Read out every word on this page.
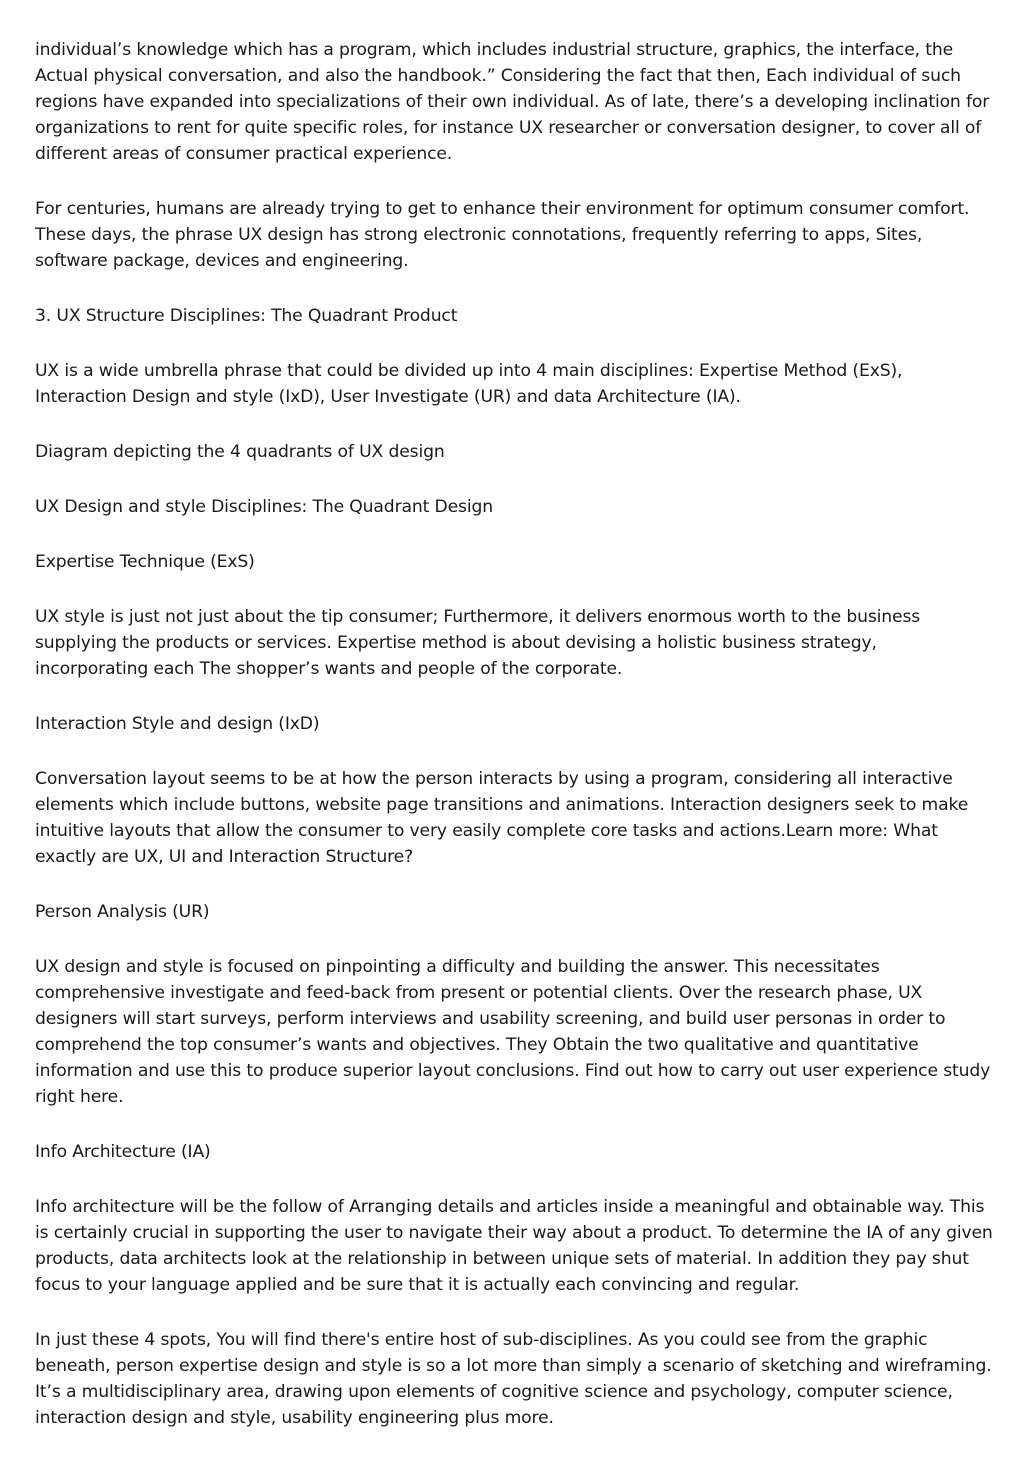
individual’s knowledge which has a program, which includes industrial structure, graphics, the interface, the Actual physical conversation, and also the handbook.” Considering the fact that then, Each individual of such regions have expanded into specializations of their own individual. As of late, there’s a developing inclination for organizations to rent for quite specific roles, for instance UX researcher or conversation designer, to cover all of different areas of consumer practical experience.

For centuries, humans are already trying to get to enhance their environment for optimum consumer comfort. These days, the phrase UX design has strong electronic connotations, frequently referring to apps, Sites, software package, devices and engineering.

3. UX Structure Disciplines: The Quadrant Product

UX is a wide umbrella phrase that could be divided up into 4 main disciplines: Expertise Method (ExS), Interaction Design and style (IxD), User Investigate (UR) and data Architecture (IA).

Diagram depicting the 4 quadrants of UX design

UX Design and style Disciplines: The Quadrant Design

Expertise Technique (ExS)

UX style is just not just about the tip consumer; Furthermore, it delivers enormous worth to the business supplying the products or services. Expertise method is about devising a holistic business strategy, incorporating each The shopper’s wants and people of the corporate.

Interaction Style and design (IxD)

Conversation layout seems to be at how the person interacts by using a program, considering all interactive elements which include buttons, website page transitions and animations. Interaction designers seek to make intuitive layouts that allow the consumer to very easily complete core tasks and actions.Learn more: What exactly are UX, UI and Interaction Structure?

Person Analysis (UR)

UX design and style is focused on pinpointing a difficulty and building the answer. This necessitates comprehensive investigate and feed-back from present or potential clients. Over the research phase, UX designers will start surveys, perform interviews and usability screening, and build user personas in order to comprehend the top consumer’s wants and objectives. They Obtain the two qualitative and quantitative information and use this to produce superior layout conclusions. Find out how to carry out user experience study right here.

Info Architecture (IA)

Info architecture will be the follow of Arranging details and articles inside a meaningful and obtainable way. This is certainly crucial in supporting the user to navigate their way about a product. To determine the IA of any given products, data architects look at the relationship in between unique sets of material. In addition they pay shut focus to your language applied and be sure that it is actually each convincing and regular.

In just these 4 spots, You will find there's entire host of sub-disciplines. As you could see from the graphic beneath, person expertise design and style is so a lot more than simply a scenario of sketching and wireframing. It’s a multidisciplinary area, drawing upon elements of cognitive science and psychology, computer science, interaction design and style, usability engineering plus more.
